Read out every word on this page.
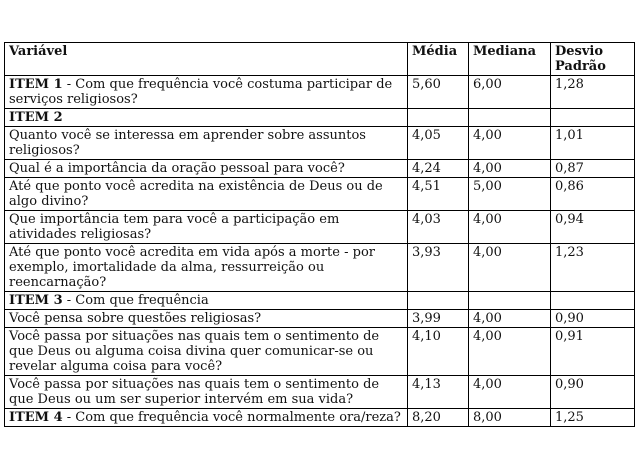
Variável	Média	Mediana	Desvio Padrão
ITEM 1 - Com que frequência você costuma participar de serviços religiosos?	5,60	6,00	1,28
ITEM 2			
Quanto você se interessa em aprender sobre assuntos religiosos?	4,05	4,00	1,01
Qual é a importância da oração pessoal para você?	4,24	4,00	0,87
Até que ponto você acredita na existência de Deus ou de algo divino?	4,51	5,00	0,86
Que importância tem para você a participação em atividades religiosas?	4,03	4,00	0,94
Até que ponto você acredita em vida após a morte - por exemplo, imortalidade da alma, ressurreição ou reencarnação?	3,93	4,00	1,23
ITEM 3 - Com que frequência			
Você pensa sobre questões religiosas?	3,99	4,00	0,90
Você passa por situações nas quais tem o sentimento de que Deus ou alguma coisa divina quer comunicar-se ou revelar alguma coisa para você?	4,10	4,00	0,91
Você passa por situações nas quais tem o sentimento de que Deus ou um ser superior intervém em sua vida?	4,13	4,00	0,90
ITEM 4 - Com que frequência você normalmente ora/reza?	8,20	8,00	1,25
